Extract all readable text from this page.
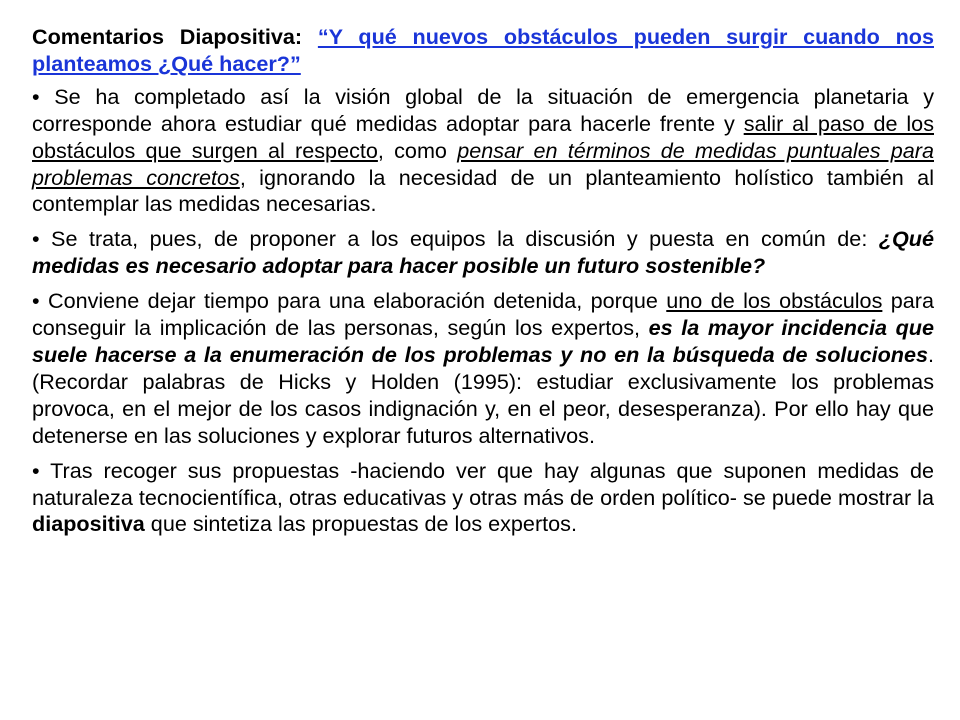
Comentarios Diapositiva: “Y qué nuevos obstáculos pueden surgir cuando nos planteamos ¿Qué hacer?”

• Se ha completado así la visión global de la situación de emergencia planetaria y corresponde ahora estudiar qué medidas adoptar para hacerle frente y salir al paso de los obstáculos que surgen al respecto, como pensar en términos de medidas puntuales para problemas concretos, ignorando la necesidad de un planteamiento holístico también al contemplar las medidas necesarias.

• Se trata, pues, de proponer a los equipos la discusión y puesta en común de: ¿Qué medidas es necesario adoptar para hacer posible un futuro sostenible?

• Conviene dejar tiempo para una elaboración detenida, porque uno de los obstáculos para conseguir la implicación de las personas, según los expertos, es la mayor incidencia que suele hacerse a la enumeración de los problemas y no en la búsqueda de soluciones. (Recordar palabras de Hicks y Holden (1995): estudiar exclusivamente los problemas provoca, en el mejor de los casos indignación y, en el peor, desesperanza). Por ello hay que detenerse en las soluciones y explorar futuros alternativos.

• Tras recoger sus propuestas -haciendo ver que hay algunas que suponen medidas de naturaleza tecnocientífica, otras educativas y otras más de orden político- se puede mostrar la diapositiva que sintetiza las propuestas de los expertos.
